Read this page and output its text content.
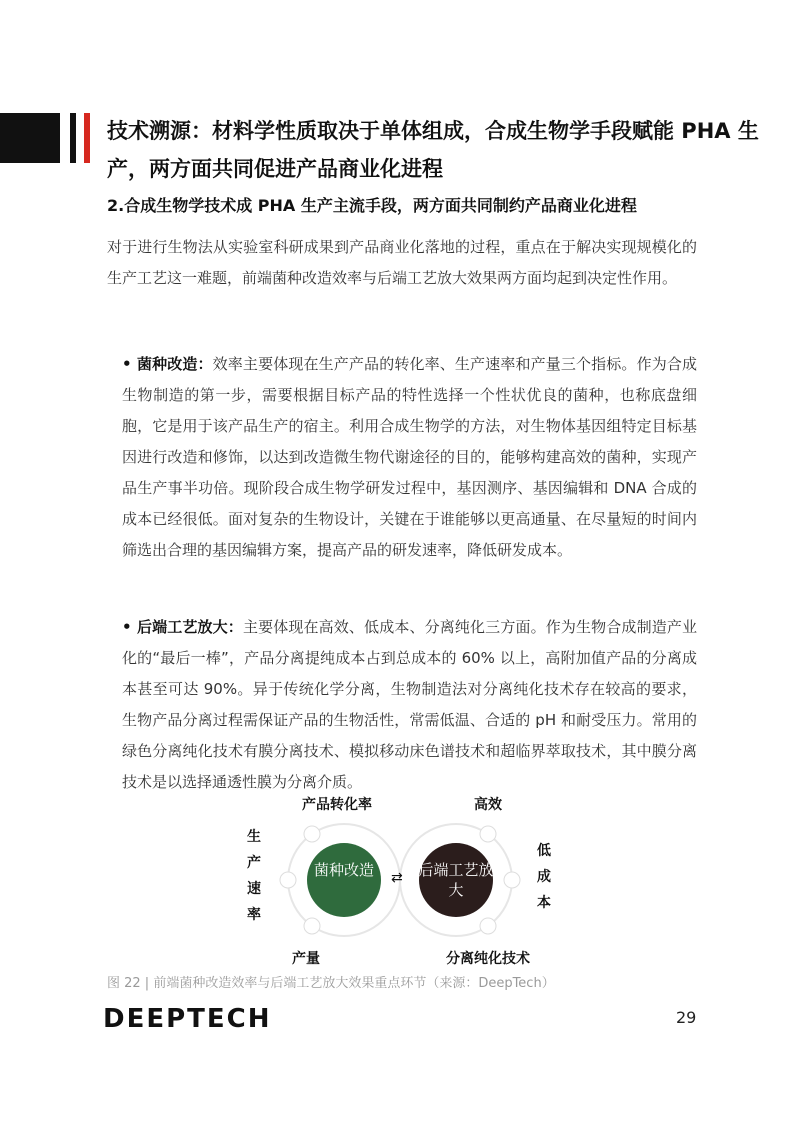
技术溯源：材料学性质取决于单体组成，合成生物学手段赋能 PHA 生产，两方面共同促进产品商业化进程
2.合成生物学技术成 PHA 生产主流手段，两方面共同制约产品商业化进程

对于进行生物法从实验室科研成果到产品商业化落地的过程，重点在于解决实现规模化的生产工艺这一难题，前端菌种改造效率与后端工艺放大效果两方面均起到决定性作用。

• 菌种改造：效率主要体现在生产产品的转化率、生产速率和产量三个指标。作为合成生物制造的第一步，需要根据目标产品的特性选择一个性状优良的菌种，也称底盘细胞，它是用于该产品生产的宿主。利用合成生物学的方法，对生物体基因组特定目标基因进行改造和修饰，以达到改造微生物代谢途径的目的，能够构建高效的菌种，实现产品生产事半功倍。现阶段合成生物学研发过程中，基因测序、基因编辑和 DNA 合成的成本已经很低。面对复杂的生物设计，关键在于谁能够以更高通量、在尽量短的时间内筛选出合理的基因编辑方案，提高产品的研发速率，降低研发成本。

• 后端工艺放大：主要体现在高效、低成本、分离纯化三方面。作为生物合成制造产业化的“最后一棒”，产品分离提纯成本占到总成本的 60% 以上，高附加值产品的分离成本甚至可达 90%。异于传统化学分离，生物制造法对分离纯化技术存在较高的要求，生物产品分离过程需保证产品的生物活性，常需低温、合适的 pH 和耐受压力。常用的绿色分离纯化技术有膜分离技术、模拟移动床色谱技术和超临界萃取技术，其中膜分离技术是以选择通透性膜为分离介质。

产品转化率
生产速率
产量
高效
低成本
分离纯化技术
菌种改造	后端工艺放大
⇄
图 22 | 前端菌种改造效率与后端工艺放大效果重点环节（来源：DeepTech）
DEEPTECH	29
